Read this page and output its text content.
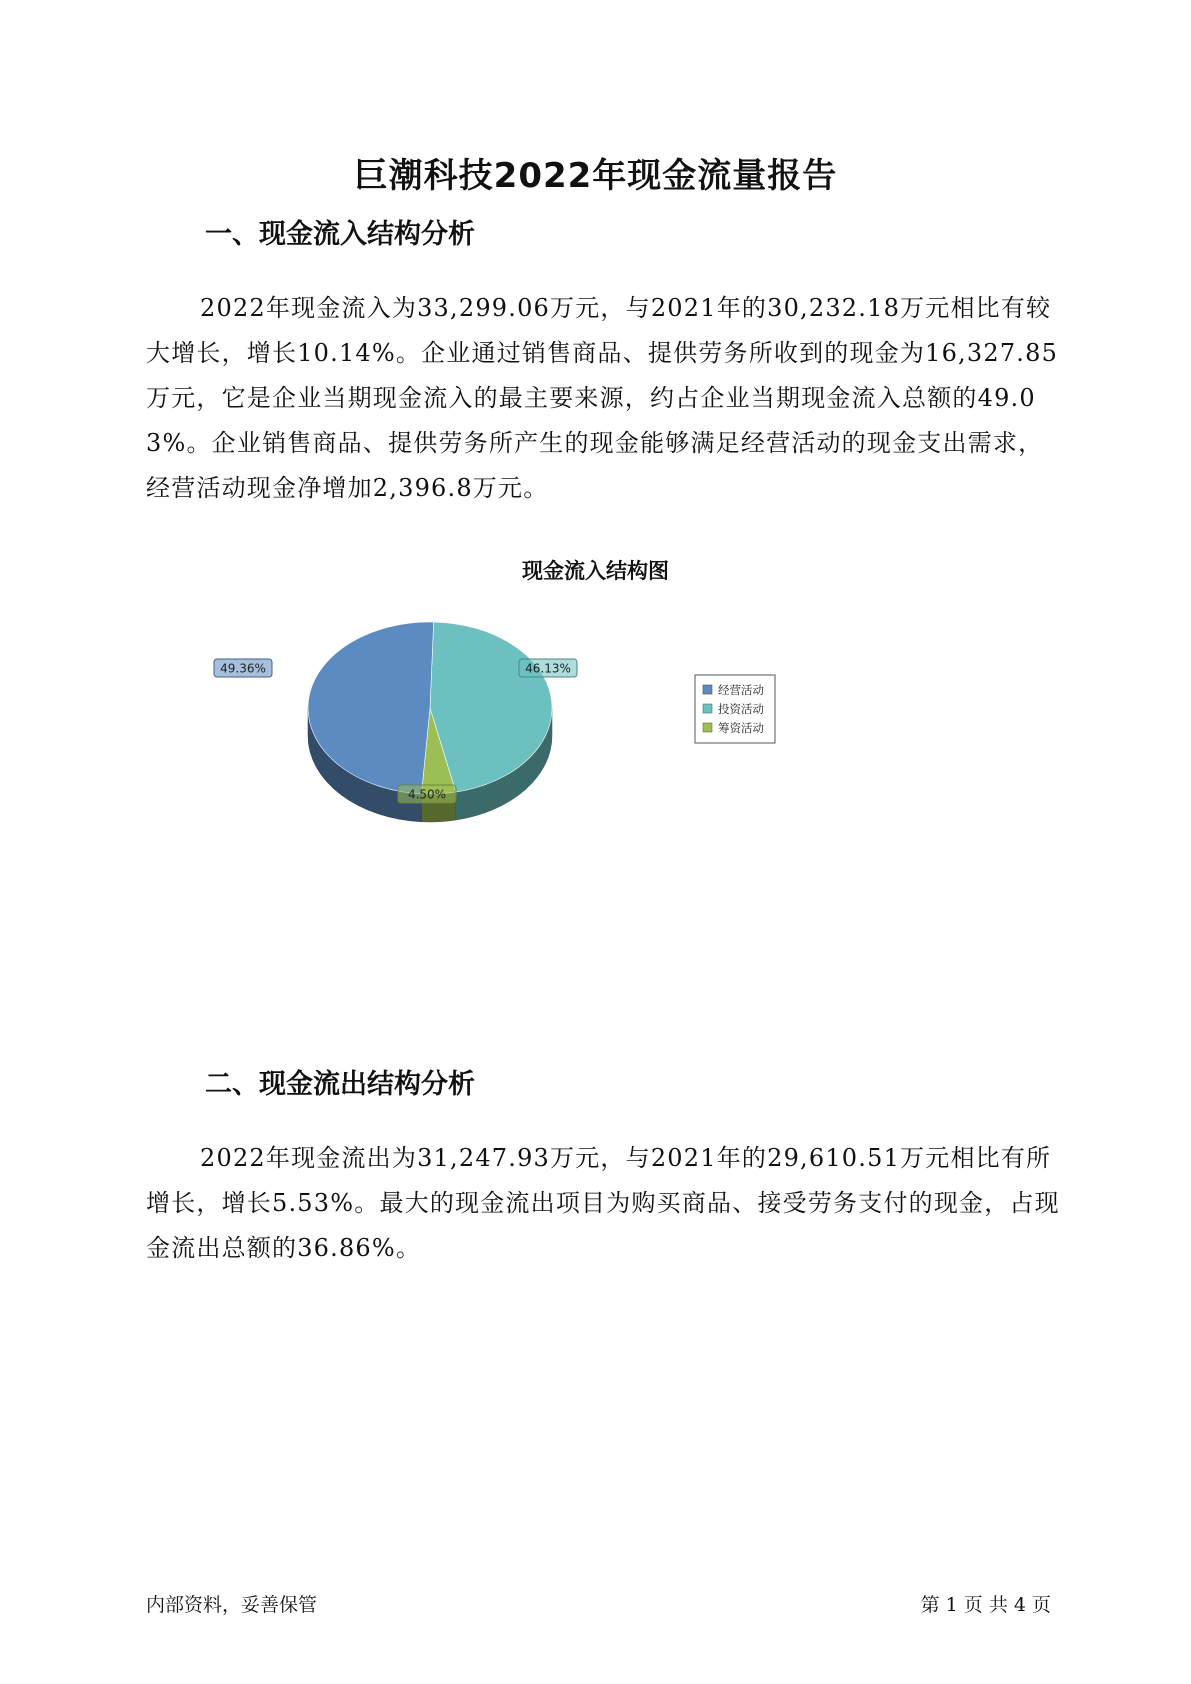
巨潮科技2022年现金流量报告
一、现金流入结构分析

2022年现金流入为33,299.06万元，与2021年的30,232.18万元相比有较大增长，增长10.14%。企业通过销售商品、提供劳务所收到的现金为16,327.85万元，它是企业当期现金流入的最主要来源，约占企业当期现金流入总额的49.03%。企业销售商品、提供劳务所产生的现金能够满足经营活动的现金支出需求，经营活动现金净增加2,396.8万元。

现金流入结构图
49.36%	46.13%
4.50%
经营活动
投资活动
筹资活动
二、现金流出结构分析

2022年现金流出为31,247.93万元，与2021年的29,610.51万元相比有所增长，增长5.53%。最大的现金流出项目为购买商品、接受劳务支付的现金，占现金流出总额的36.86%。

内部资料，妥善保管	第 1 页 共 4 页
